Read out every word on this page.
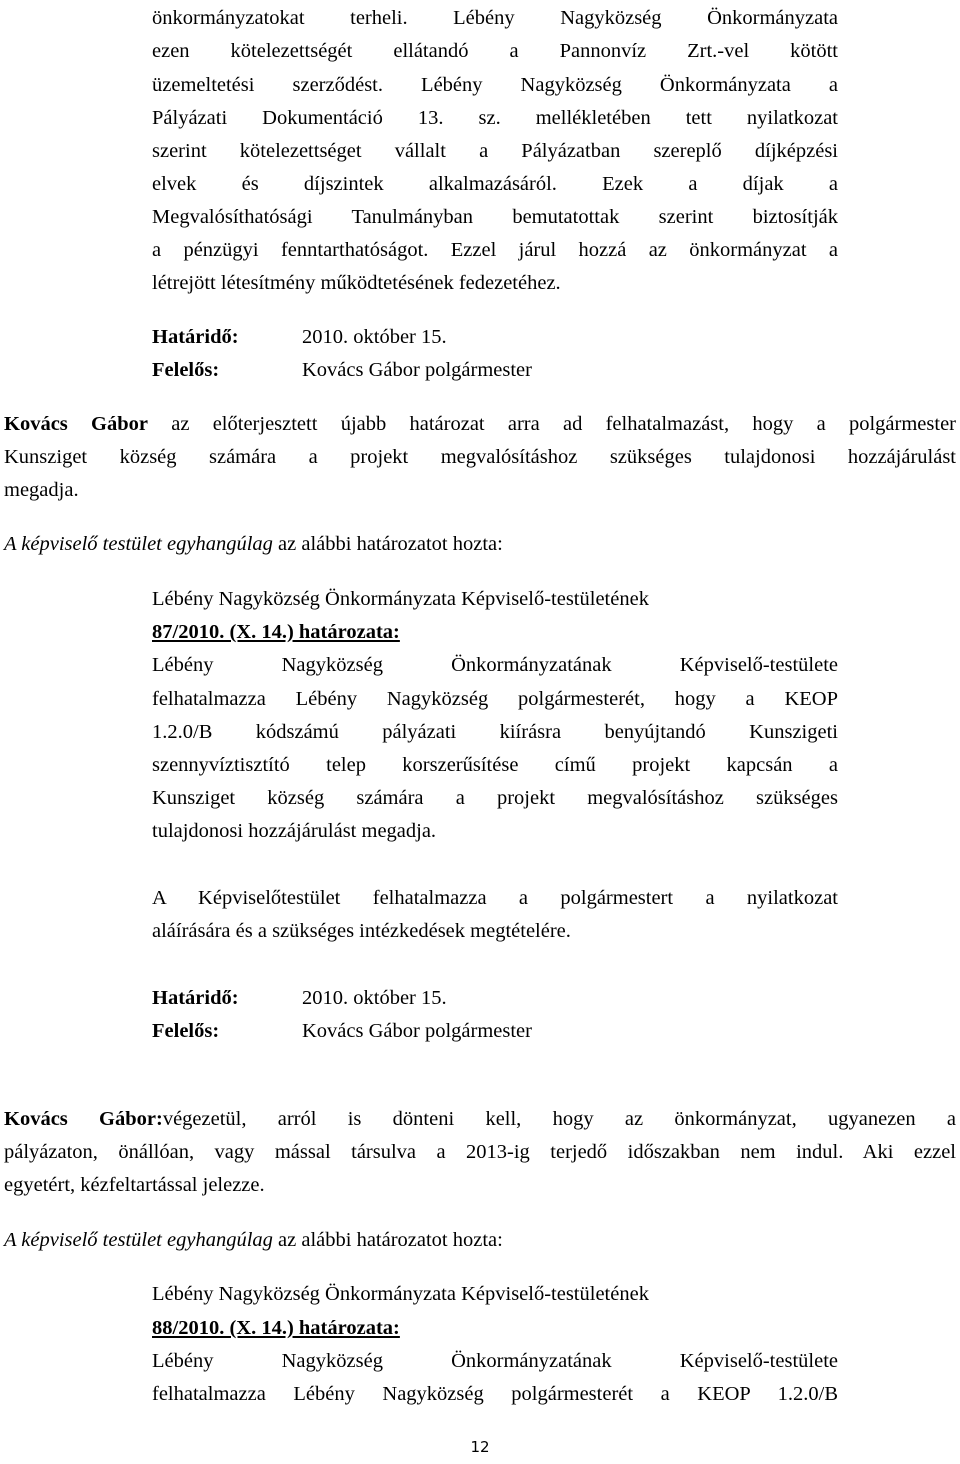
önkormányzatokat terheli. Lébény Nagyközség Önkormányzata
ezen kötelezettségét ellátandó a Pannonvíz Zrt.-vel kötött
üzemeltetési szerződést. Lébény Nagyközség Önkormányzata a
Pályázati Dokumentáció 13. sz. mellékletében tett nyilatkozat
szerint kötelezettséget vállalt a Pályázatban szereplő díjképzési
elvek és díjszintek alkalmazásáról. Ezek a díjak a
Megvalósíthatósági Tanulmányban bemutatottak szerint biztosítják
a pénzügyi fenntarthatóságot. Ezzel járul hozzá az önkormányzat a
létrejött létesítmény működtetésének fedezetéhez.
Határidő:	2010. október 15.
Felelős:	Kovács Gábor polgármester
Kovács Gábor az előterjesztett újabb határozat arra ad felhatalmazást, hogy a polgármester
Kunsziget község számára a projekt megvalósításhoz szükséges tulajdonosi hozzájárulást
megadja.
A képviselő testület egyhangúlag az alábbi határozatot hozta:
Lébény Nagyközség Önkormányzata Képviselő-testületének
87/2010. (X. 14.) határozata:
Lébény Nagyközség Önkormányzatának Képviselő-testülete
felhatalmazza Lébény Nagyközség polgármesterét, hogy a KEOP
1.2.0/B kódszámú pályázati kiírásra benyújtandó Kunszigeti
szennyvíztisztító telep korszerűsítése című projekt kapcsán a
Kunsziget község számára a projekt megvalósításhoz szükséges
tulajdonosi hozzájárulást megadja.
A Képviselőtestület felhatalmazza a polgármestert a nyilatkozat
aláírására és a szükséges intézkedések megtételére.
Határidő:	2010. október 15.
Felelős:	Kovács Gábor polgármester
Kovács Gábor:végezetül, arról is dönteni kell, hogy az önkormányzat, ugyanezen a
pályázaton, önállóan, vagy mással társulva a 2013-ig terjedő időszakban nem indul. Aki ezzel
egyetért, kézfeltartással jelezze.
A képviselő testület egyhangúlag az alábbi határozatot hozta:
Lébény Nagyközség Önkormányzata Képviselő-testületének
88/2010. (X. 14.) határozata:
Lébény Nagyközség Önkormányzatának Képviselő-testülete
felhatalmazza Lébény Nagyközség polgármesterét a KEOP 1.2.0/B
12
